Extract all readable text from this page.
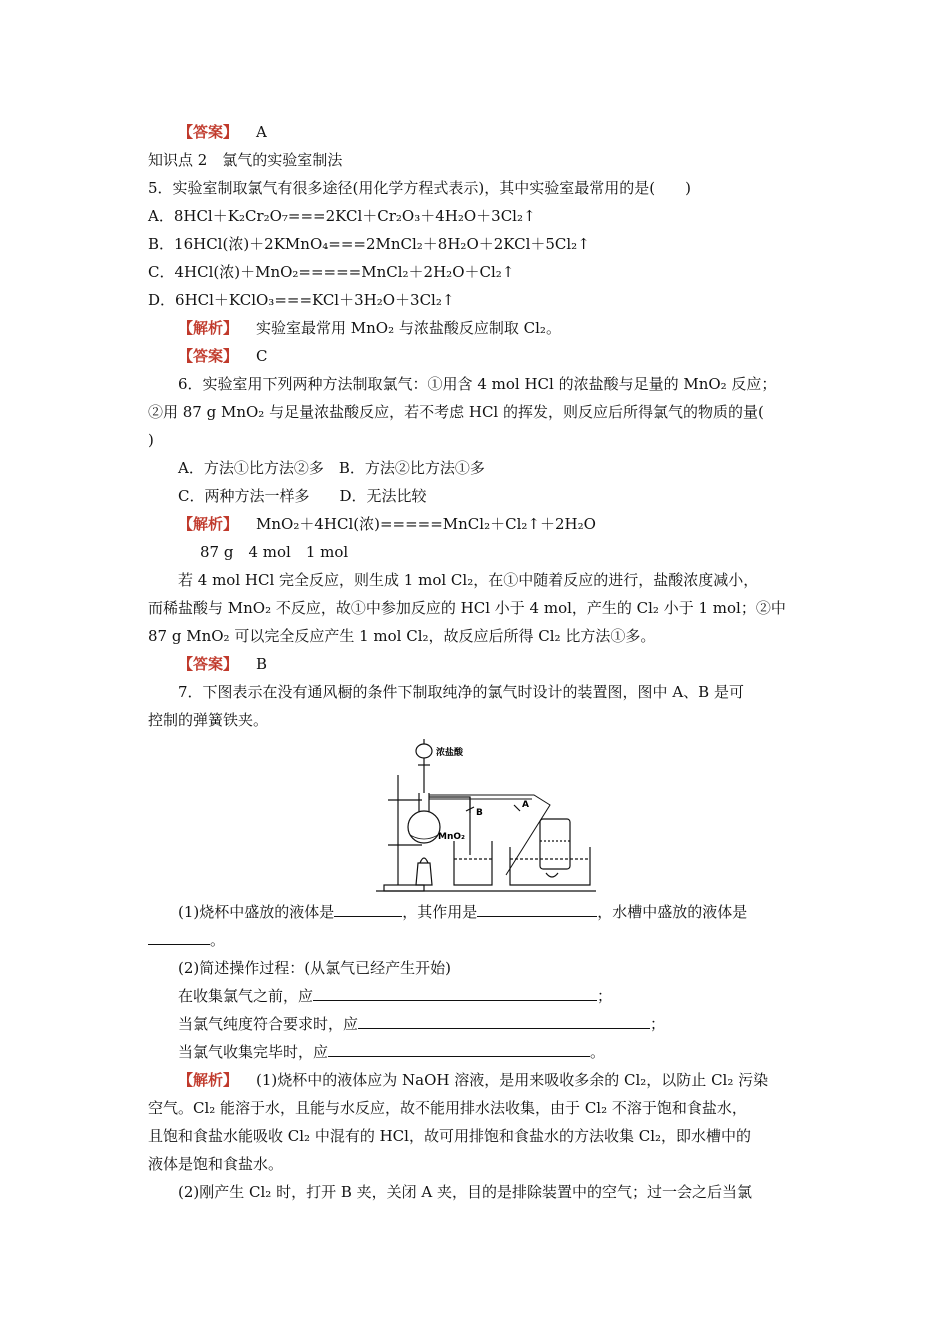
【答案】 A
知识点 2　氯气的实验室制法
5．实验室制取氯气有很多途径(用化学方程式表示)，其中实验室最常用的是(　　)
A．8HCl＋K₂Cr₂O₇===2KCl＋Cr₂O₃＋4H₂O＋3Cl₂↑
B．16HCl(浓)＋2KMnO₄===2MnCl₂＋8H₂O＋2KCl＋5Cl₂↑
C．4HCl(浓)＋MnO₂=====MnCl₂＋2H₂O＋Cl₂↑
D．6HCl＋KClO₃===KCl＋3H₂O＋3Cl₂↑
【解析】 实验室最常用 MnO₂ 与浓盐酸反应制取 Cl₂。
【答案】 C
6．实验室用下列两种方法制取氯气：①用含 4 mol HCl 的浓盐酸与足量的 MnO₂ 反应；
②用 87 g MnO₂ 与足量浓盐酸反应，若不考虑 HCl 的挥发，则反应后所得氯气的物质的量(
)
A．方法①比方法②多　B．方法②比方法①多
C．两种方法一样多　　D．无法比较
【解析】 MnO₂＋4HCl(浓)=====MnCl₂＋Cl₂↑＋2H₂O
87 g　4 mol　1 mol
若 4 mol HCl 完全反应，则生成 1 mol Cl₂，在①中随着反应的进行，盐酸浓度减小，
而稀盐酸与 MnO₂ 不反应，故①中参加反应的 HCl 小于 4 mol，产生的 Cl₂ 小于 1 mol；②中
87 g MnO₂ 可以完全反应产生 1 mol Cl₂，故反应后所得 Cl₂ 比方法①多。
【答案】 B
7．下图表示在没有通风橱的条件下制取纯净的氯气时设计的装置图，图中 A、B 是可
控制的弹簧铁夹。
浓盐酸
B
A
MnO₂
(1)烧杯中盛放的液体是	，其作用是	，水槽中盛放的液体是
。
(2)简述操作过程：(从氯气已经产生开始)
在收集氯气之前，应	；
当氯气纯度符合要求时，应	；
当氯气收集完毕时，应	。
【解析】 (1)烧杯中的液体应为 NaOH 溶液，是用来吸收多余的 Cl₂，以防止 Cl₂ 污染
空气。Cl₂ 能溶于水，且能与水反应，故不能用排水法收集，由于 Cl₂ 不溶于饱和食盐水，
且饱和食盐水能吸收 Cl₂ 中混有的 HCl，故可用排饱和食盐水的方法收集 Cl₂，即水槽中的
液体是饱和食盐水。
(2)刚产生 Cl₂ 时，打开 B 夹，关闭 A 夹，目的是排除装置中的空气；过一会之后当氯
